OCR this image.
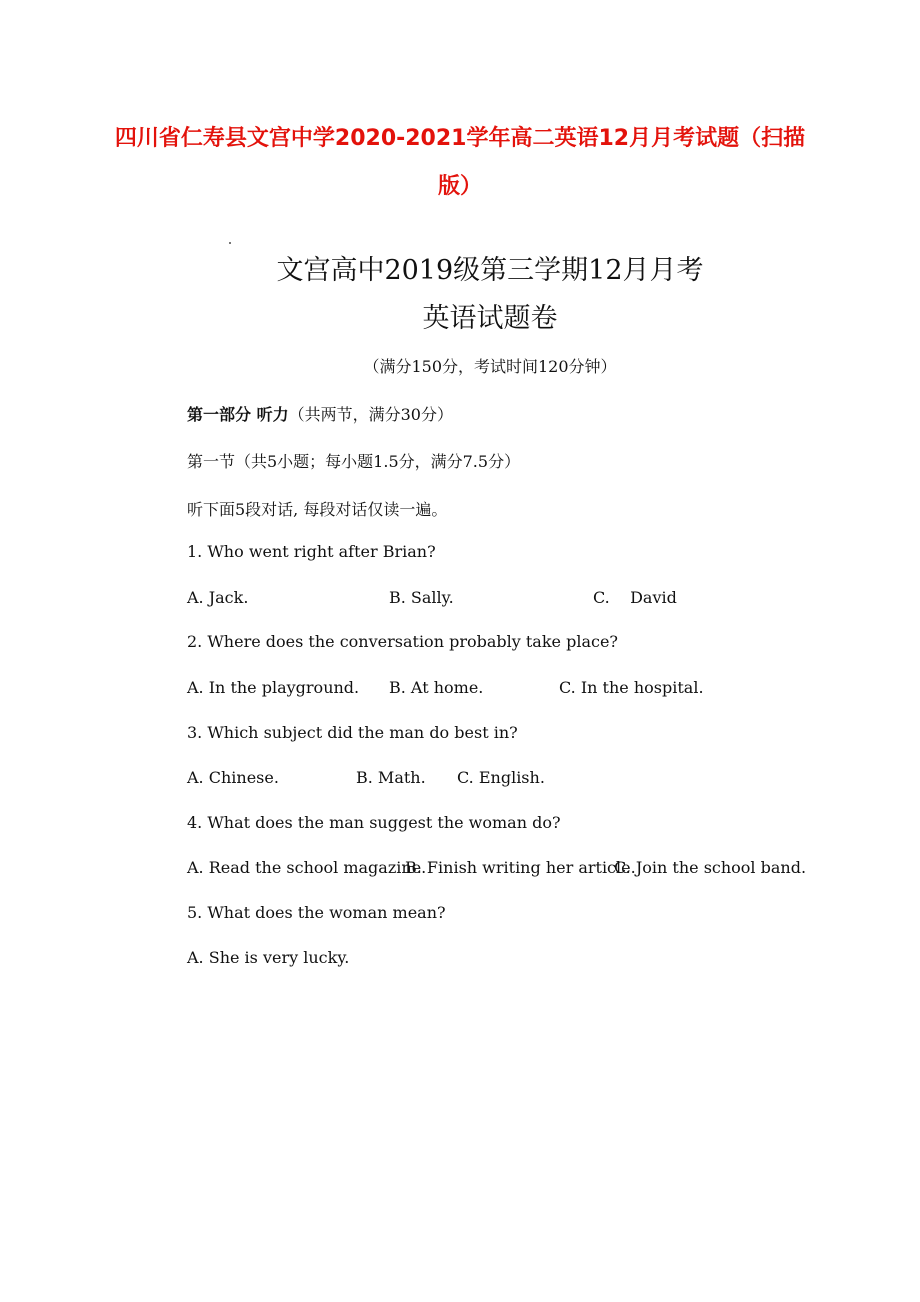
四川省仁寿县文宫中学2020-2021学年高二英语12月月考试题（扫描
版）
文宫高中2019级第三学期12月月考
英语试题卷
（满分150分，考试时间120分钟）
第一部分 听力（共两节，满分30分）
第一节（共5小题；每小题1.5分，满分7.5分）
听下面5段对话, 每段对话仅读一遍。
1. Who went right after Brian?
A. Jack.	B. Sally.	C.    David
2. Where does the conversation probably take place?
A. In the playground. B. At home.	C. In the hospital.
3. Which subject did the man do best in?
A. Chinese.	B. Math. C. English.
4. What does the man suggest the woman do?
A. Read the school magazine.
B. Finish writing her article.
C. Join the school band.
5. What does the woman mean?
A. She is very lucky.
